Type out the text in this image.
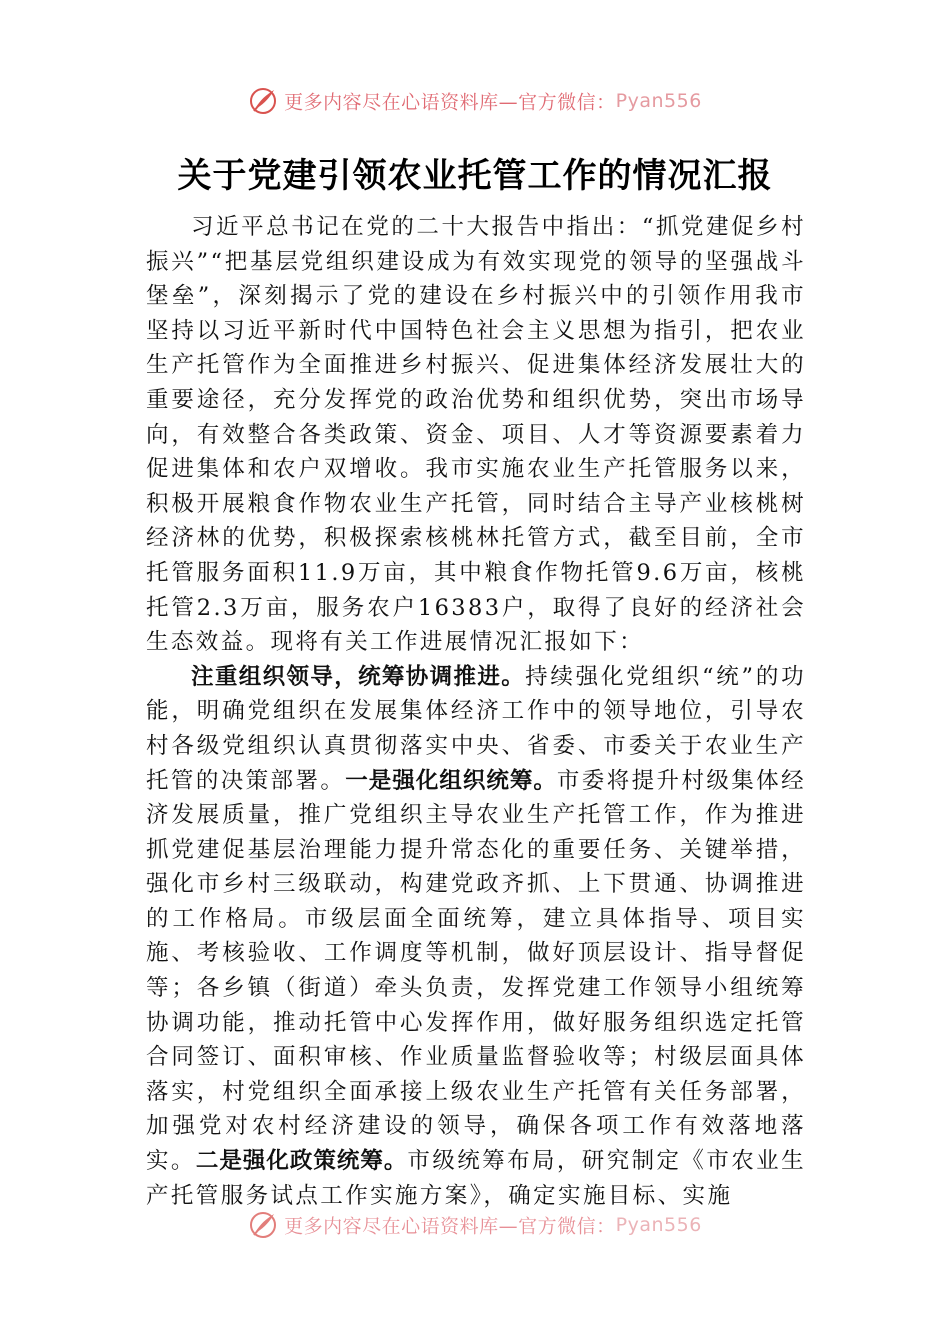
更多内容尽在心语资料库—官方微信：Pyan556
关于党建引领农业托管工作的情况汇报

习近平总书记在党的二十大报告中指出：“抓党建促乡村振兴”“把基层党组织建设成为有效实现党的领导的坚强战斗堡垒”，深刻揭示了党的建设在乡村振兴中的引领作用我市坚持以习近平新时代中国特色社会主义思想为指引，把农业生产托管作为全面推进乡村振兴、促进集体经济发展壮大的重要途径，充分发挥党的政治优势和组织优势，突出市场导向，有效整合各类政策、资金、项目、人才等资源要素着力促进集体和农户双增收。我市实施农业生产托管服务以来，积极开展粮食作物农业生产托管，同时结合主导产业核桃树经济林的优势，积极探索核桃林托管方式，截至目前，全市托管服务面积11.9万亩，其中粮食作物托管9.6万亩，核桃托管2.3万亩，服务农户16383户，取得了良好的经济社会生态效益。现将有关工作进展情况汇报如下：

注重组织领导，统筹协调推进。持续强化党组织“统”的功能，明确党组织在发展集体经济工作中的领导地位，引导农村各级党组织认真贯彻落实中央、省委、市委关于农业生产托管的决策部署。一是强化组织统筹。市委将提升村级集体经济发展质量，推广党组织主导农业生产托管工作，作为推进抓党建促基层治理能力提升常态化的重要任务、关键举措，强化市乡村三级联动，构建党政齐抓、上下贯通、协调推进的工作格局。市级层面全面统筹，建立具体指导、项目实施、考核验收、工作调度等机制，做好顶层设计、指导督促等；各乡镇（街道）牵头负责，发挥党建工作领导小组统筹协调功能，推动托管中心发挥作用，做好服务组织选定托管合同签订、面积审核、作业质量监督验收等；村级层面具体落实，村党组织全面承接上级农业生产托管有关任务部署，加强党对农村经济建设的领导，确保各项工作有效落地落实。二是强化政策统筹。市级统筹布局，研究制定《市农业生产托管服务试点工作实施方案》，确定实施目标、实施

更多内容尽在心语资料库—官方微信：Pyan556
